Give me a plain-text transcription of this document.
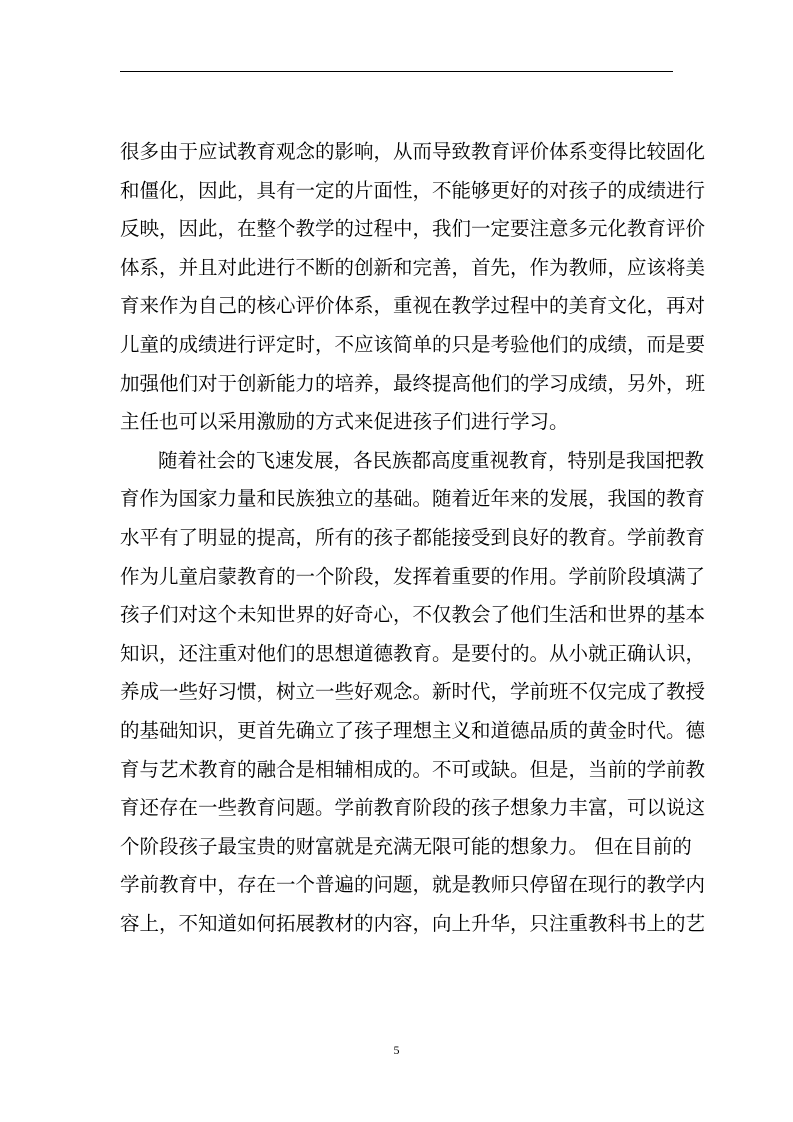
很多由于应试教育观念的影响，从而导致教育评价体系变得比较固化
和僵化，因此，具有一定的片面性，不能够更好的对孩子的成绩进行
反映，因此，在整个教学的过程中，我们一定要注意多元化教育评价
体系，并且对此进行不断的创新和完善，首先，作为教师，应该将美
育来作为自己的核心评价体系，重视在教学过程中的美育文化，再对
儿童的成绩进行评定时，不应该简单的只是考验他们的成绩，而是要
加强他们对于创新能力的培养，最终提高他们的学习成绩，另外，班
主任也可以采用激励的方式来促进孩子们进行学习。
随着社会的飞速发展，各民族都高度重视教育，特别是我国把教
育作为国家力量和民族独立的基础。随着近年来的发展，我国的教育
水平有了明显的提高，所有的孩子都能接受到良好的教育。学前教育
作为儿童启蒙教育的一个阶段，发挥着重要的作用。学前阶段填满了
孩子们对这个未知世界的好奇心，不仅教会了他们生活和世界的基本
知识，还注重对他们的思想道德教育。是要付的。从小就正确认识，
养成一些好习惯，树立一些好观念。新时代，学前班不仅完成了教授
的基础知识，更首先确立了孩子理想主义和道德品质的黄金时代。德
育与艺术教育的融合是相辅相成的。不可或缺。但是，当前的学前教
育还存在一些教育问题。学前教育阶段的孩子想象力丰富，可以说这
个阶段孩子最宝贵的财富就是充满无限可能的想象力。 但在目前的
学前教育中，存在一个普遍的问题，就是教师只停留在现行的教学内
容上，不知道如何拓展教材的内容，向上升华，只注重教科书上的艺
5
